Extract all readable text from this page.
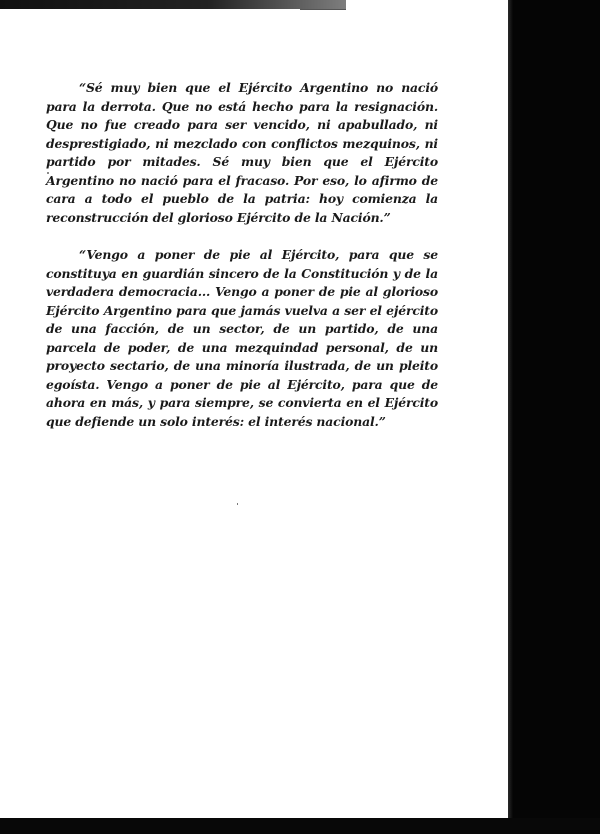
“Sé muy bien que el Ejército Argentino no nació para la derrota. Que no está hecho para la resignación. Que no fue creado para ser vencido, ni apabullado, ni desprestigiado, ni mezclado con conflictos mezquinos, ni partido por mitades. Sé muy bien que el Ejército Argentino no nació para el fracaso. Por eso, lo afirmo de cara a todo el pueblo de la patria: hoy comienza la reconstrucción del glorioso Ejército de la Nación.”

“Vengo a poner de pie al Ejército, para que se constituya en guardián sincero de la Constitución y de la verdadera democracia... Vengo a poner de pie al glorioso Ejército Argentino para que jamás vuelva a ser el ejército de una facción, de un sector, de un partido, de una parcela de poder, de una mezquindad personal, de un proyecto sectario, de una minoría ilustrada, de un pleito egoísta. Vengo a poner de pie al Ejército, para que de ahora en más, y para siempre, se convierta en el Ejército que defiende un solo interés: el interés nacional.”
